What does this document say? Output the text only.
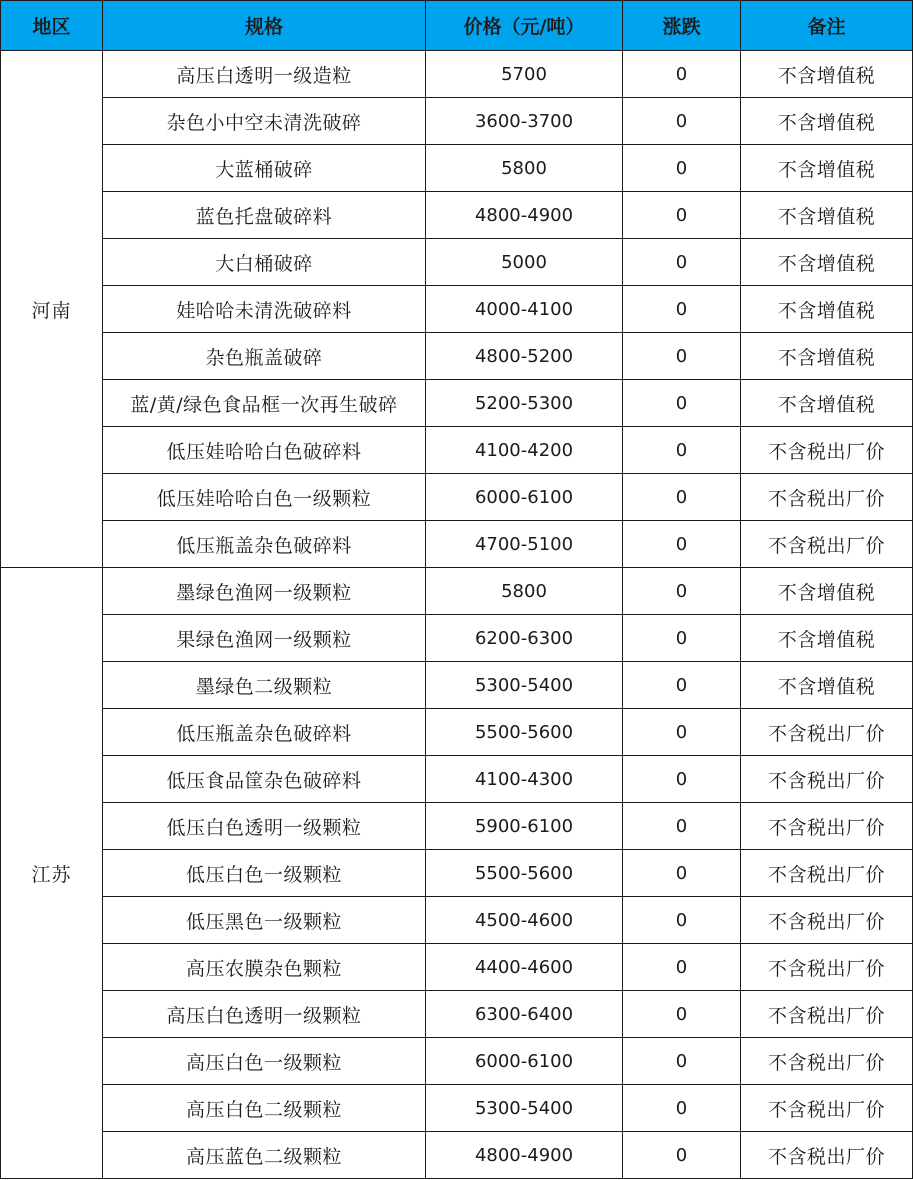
地区	规格	价格（元/吨）	涨跌	备注
河南	高压白透明一级造粒	5700	0	不含增值税
	杂色小中空未清洗破碎	3600-3700	0	不含增值税
	大蓝桶破碎	5800	0	不含增值税
	蓝色托盘破碎料	4800-4900	0	不含增值税
	大白桶破碎	5000	0	不含增值税
	娃哈哈未清洗破碎料	4000-4100	0	不含增值税
	杂色瓶盖破碎	4800-5200	0	不含增值税
	蓝/黄/绿色食品框一次再生破碎	5200-5300	0	不含增值税
	低压娃哈哈白色破碎料	4100-4200	0	不含税出厂价
	低压娃哈哈白色一级颗粒	6000-6100	0	不含税出厂价
	低压瓶盖杂色破碎料	4700-5100	0	不含税出厂价
江苏	墨绿色渔网一级颗粒	5800	0	不含增值税
	果绿色渔网一级颗粒	6200-6300	0	不含增值税
	墨绿色二级颗粒	5300-5400	0	不含增值税
	低压瓶盖杂色破碎料	5500-5600	0	不含税出厂价
	低压食品筐杂色破碎料	4100-4300	0	不含税出厂价
	低压白色透明一级颗粒	5900-6100	0	不含税出厂价
	低压白色一级颗粒	5500-5600	0	不含税出厂价
	低压黑色一级颗粒	4500-4600	0	不含税出厂价
	高压农膜杂色颗粒	4400-4600	0	不含税出厂价
	高压白色透明一级颗粒	6300-6400	0	不含税出厂价
	高压白色一级颗粒	6000-6100	0	不含税出厂价
	高压白色二级颗粒	5300-5400	0	不含税出厂价
	高压蓝色二级颗粒	4800-4900	0	不含税出厂价
